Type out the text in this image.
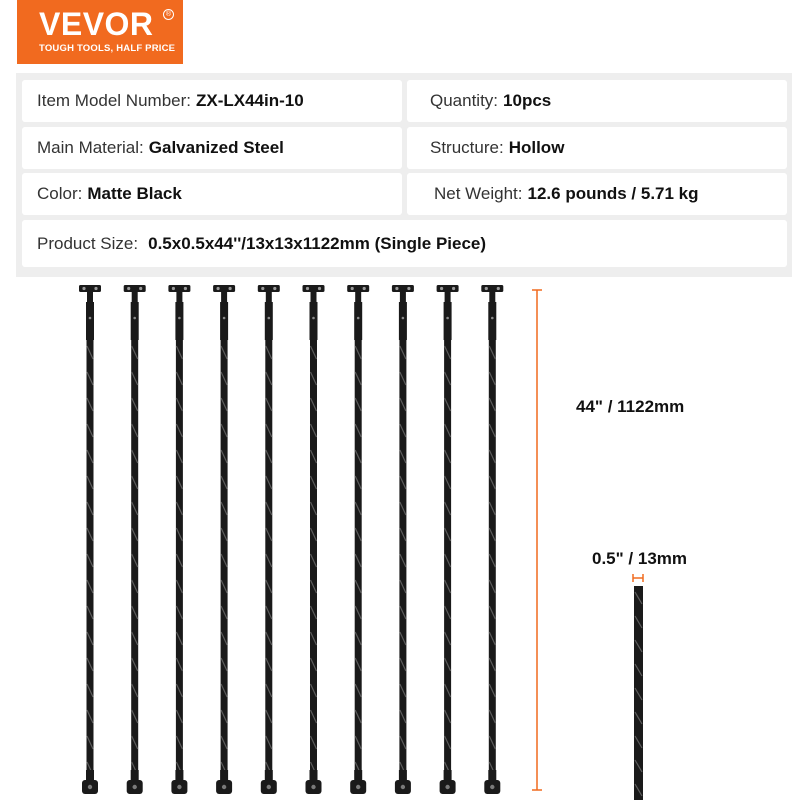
VEVOR	®
TOUGH TOOLS, HALF PRICE
Item Model Number: ZX-LX44in-10	Quantity: 10pcs
Main Material: Galvanized Steel	Structure: Hollow
Color: Matte Black	Net Weight: 12.6 pounds / 5.71 kg
Product Size: 0.5x0.5x44''/13x13x1122mm (Single Piece)
44" / 1122mm
0.5" / 13mm
